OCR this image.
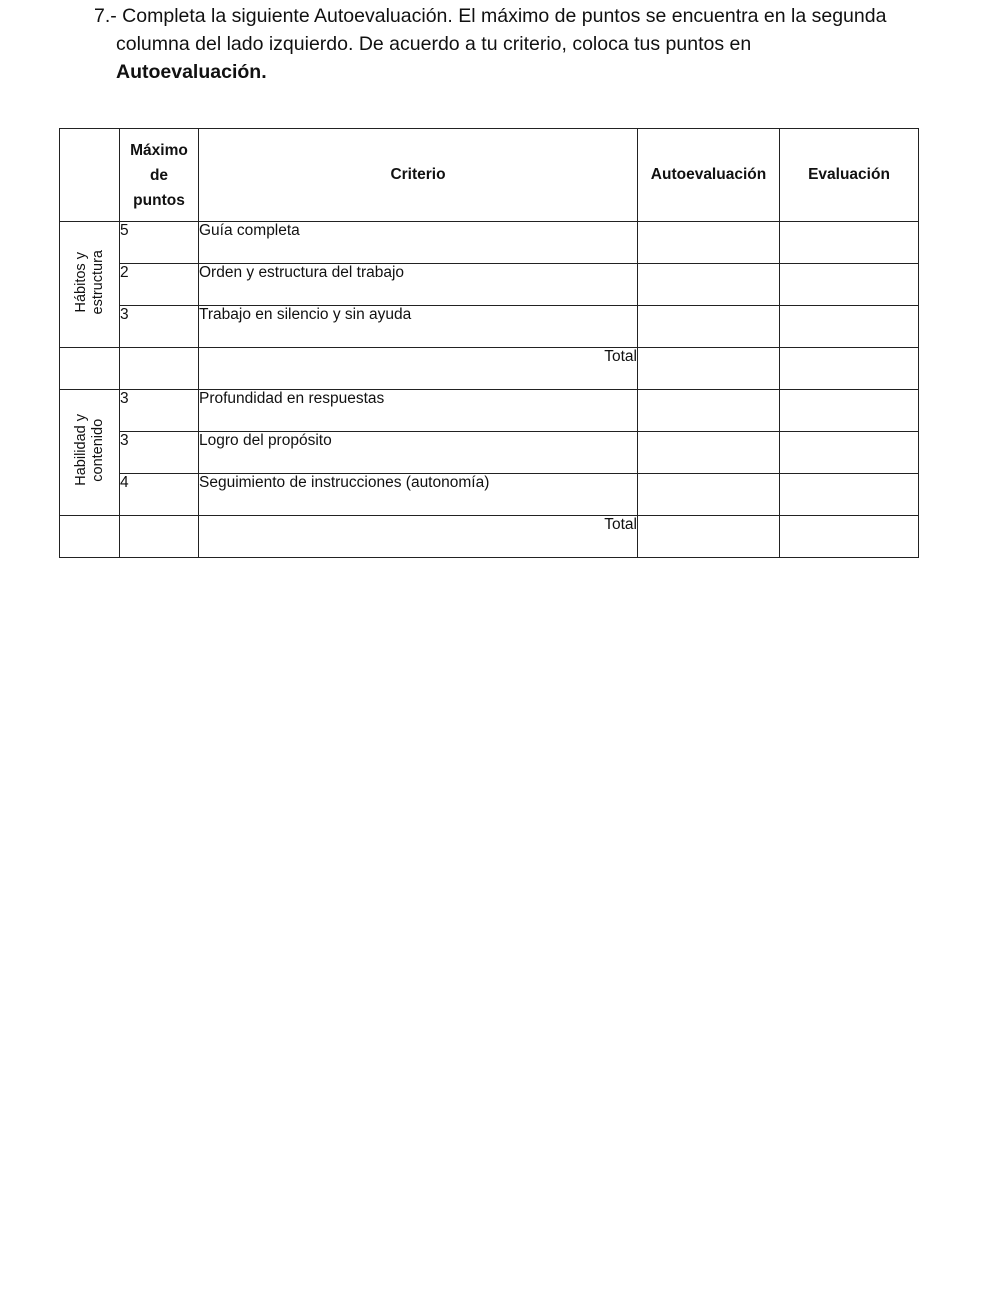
7.- Completa la siguiente Autoevaluación. El máximo de puntos se encuentra en la segunda
columna del lado izquierdo. De acuerdo a tu criterio, coloca tus puntos en
Autoevaluación.

	Máximo
de
puntos	Criterio	Autoevaluación	Evaluación
Hábitos y
estructura	5	Guía completa		
	2	Orden y estructura del trabajo		
	3	Trabajo en silencio y sin ayuda		
		Total		
Habilidad y
contenido	3	Profundidad en respuestas		
	3	Logro del propósito		
	4	Seguimiento de instrucciones (autonomía)		
		Total		
